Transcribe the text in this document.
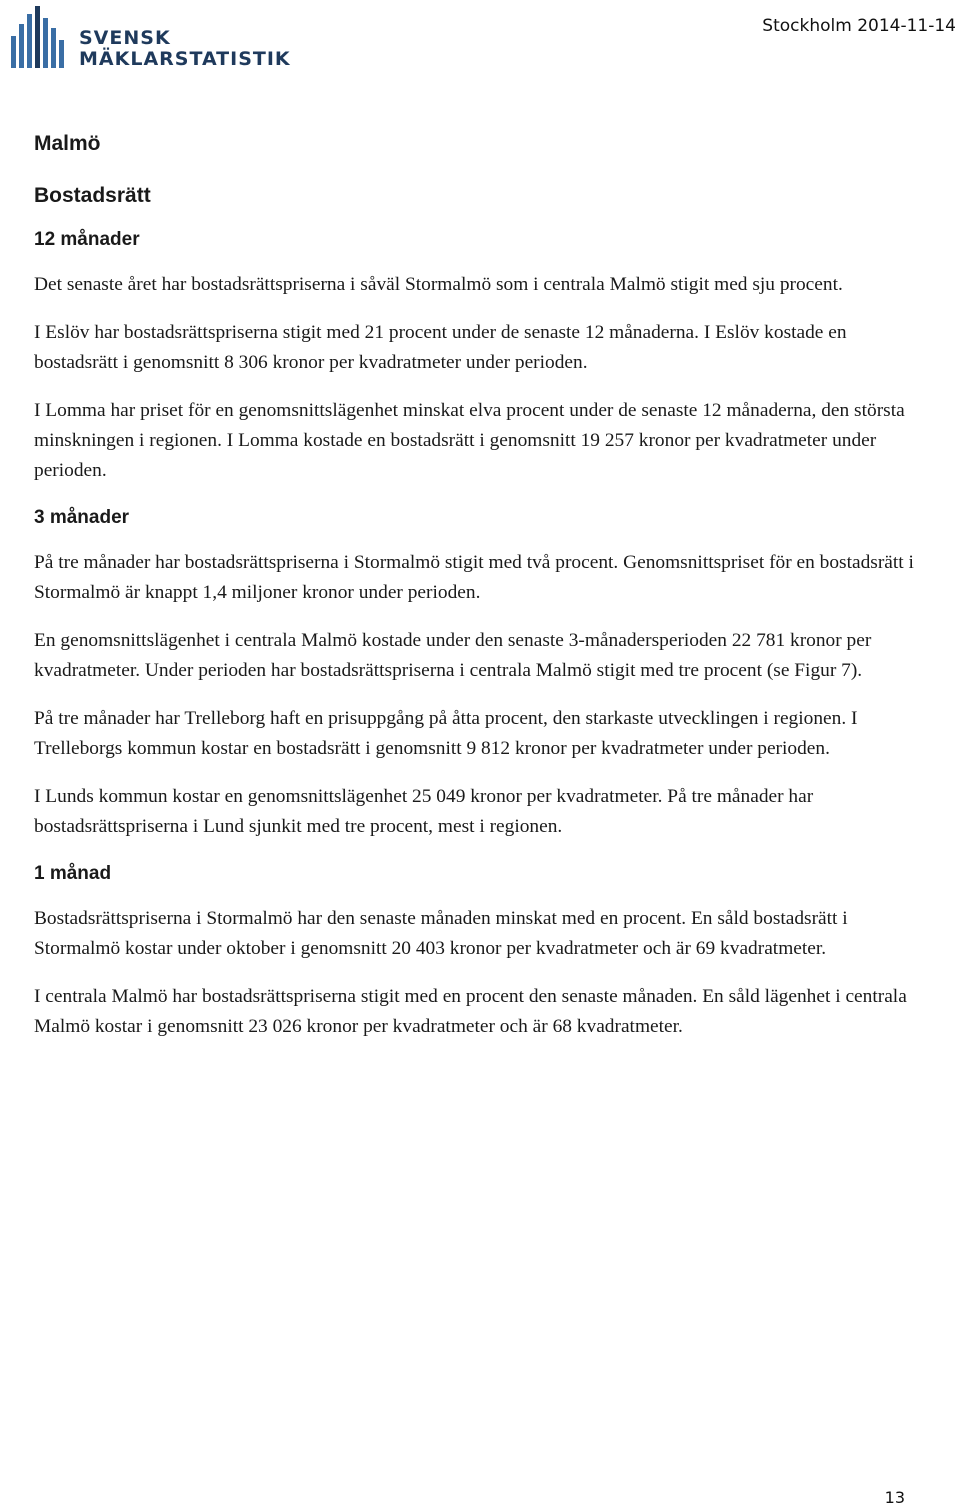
SVENSK
MÄKLARSTATISTIK
Stockholm 2014-11-14
Malmö
Bostadsrätt
12 månader

Det senaste året har bostadsrättspriserna i såväl Stormalmö som i centrala Malmö stigit med sju procent.

I Eslöv har bostadsrättspriserna stigit med 21 procent under de senaste 12 månaderna. I Eslöv kostade en bostadsrätt i genomsnitt 8 306 kronor per kvadratmeter under perioden.

I Lomma har priset för en genomsnittslägenhet minskat elva procent under de senaste 12 månaderna, den största minskningen i regionen. I Lomma kostade en bostadsrätt i genomsnitt 19 257 kronor per kvadratmeter under perioden.

3 månader

På tre månader har bostadsrättspriserna i Stormalmö stigit med två procent. Genomsnittspriset för en bostadsrätt i Stormalmö är knappt 1,4 miljoner kronor under perioden.

En genomsnittslägenhet i centrala Malmö kostade under den senaste 3-månadersperioden 22 781 kronor per kvadratmeter. Under perioden har bostadsrättspriserna i centrala Malmö stigit med tre procent (se Figur 7).

På tre månader har Trelleborg haft en prisuppgång på åtta procent, den starkaste utvecklingen i regionen. I Trelleborgs kommun kostar en bostadsrätt i genomsnitt 9 812 kronor per kvadratmeter under perioden.

I Lunds kommun kostar en genomsnittslägenhet 25 049 kronor per kvadratmeter. På tre månader har bostadsrättspriserna i Lund sjunkit med tre procent, mest i regionen.

1 månad

Bostadsrättspriserna i Stormalmö har den senaste månaden minskat med en procent. En såld bostadsrätt i Stormalmö kostar under oktober i genomsnitt 20 403 kronor per kvadratmeter och är 69 kvadratmeter.

I centrala Malmö har bostadsrättspriserna stigit med en procent den senaste månaden. En såld lägenhet i centrala Malmö kostar i genomsnitt 23 026 kronor per kvadratmeter och är 68 kvadratmeter.

13
